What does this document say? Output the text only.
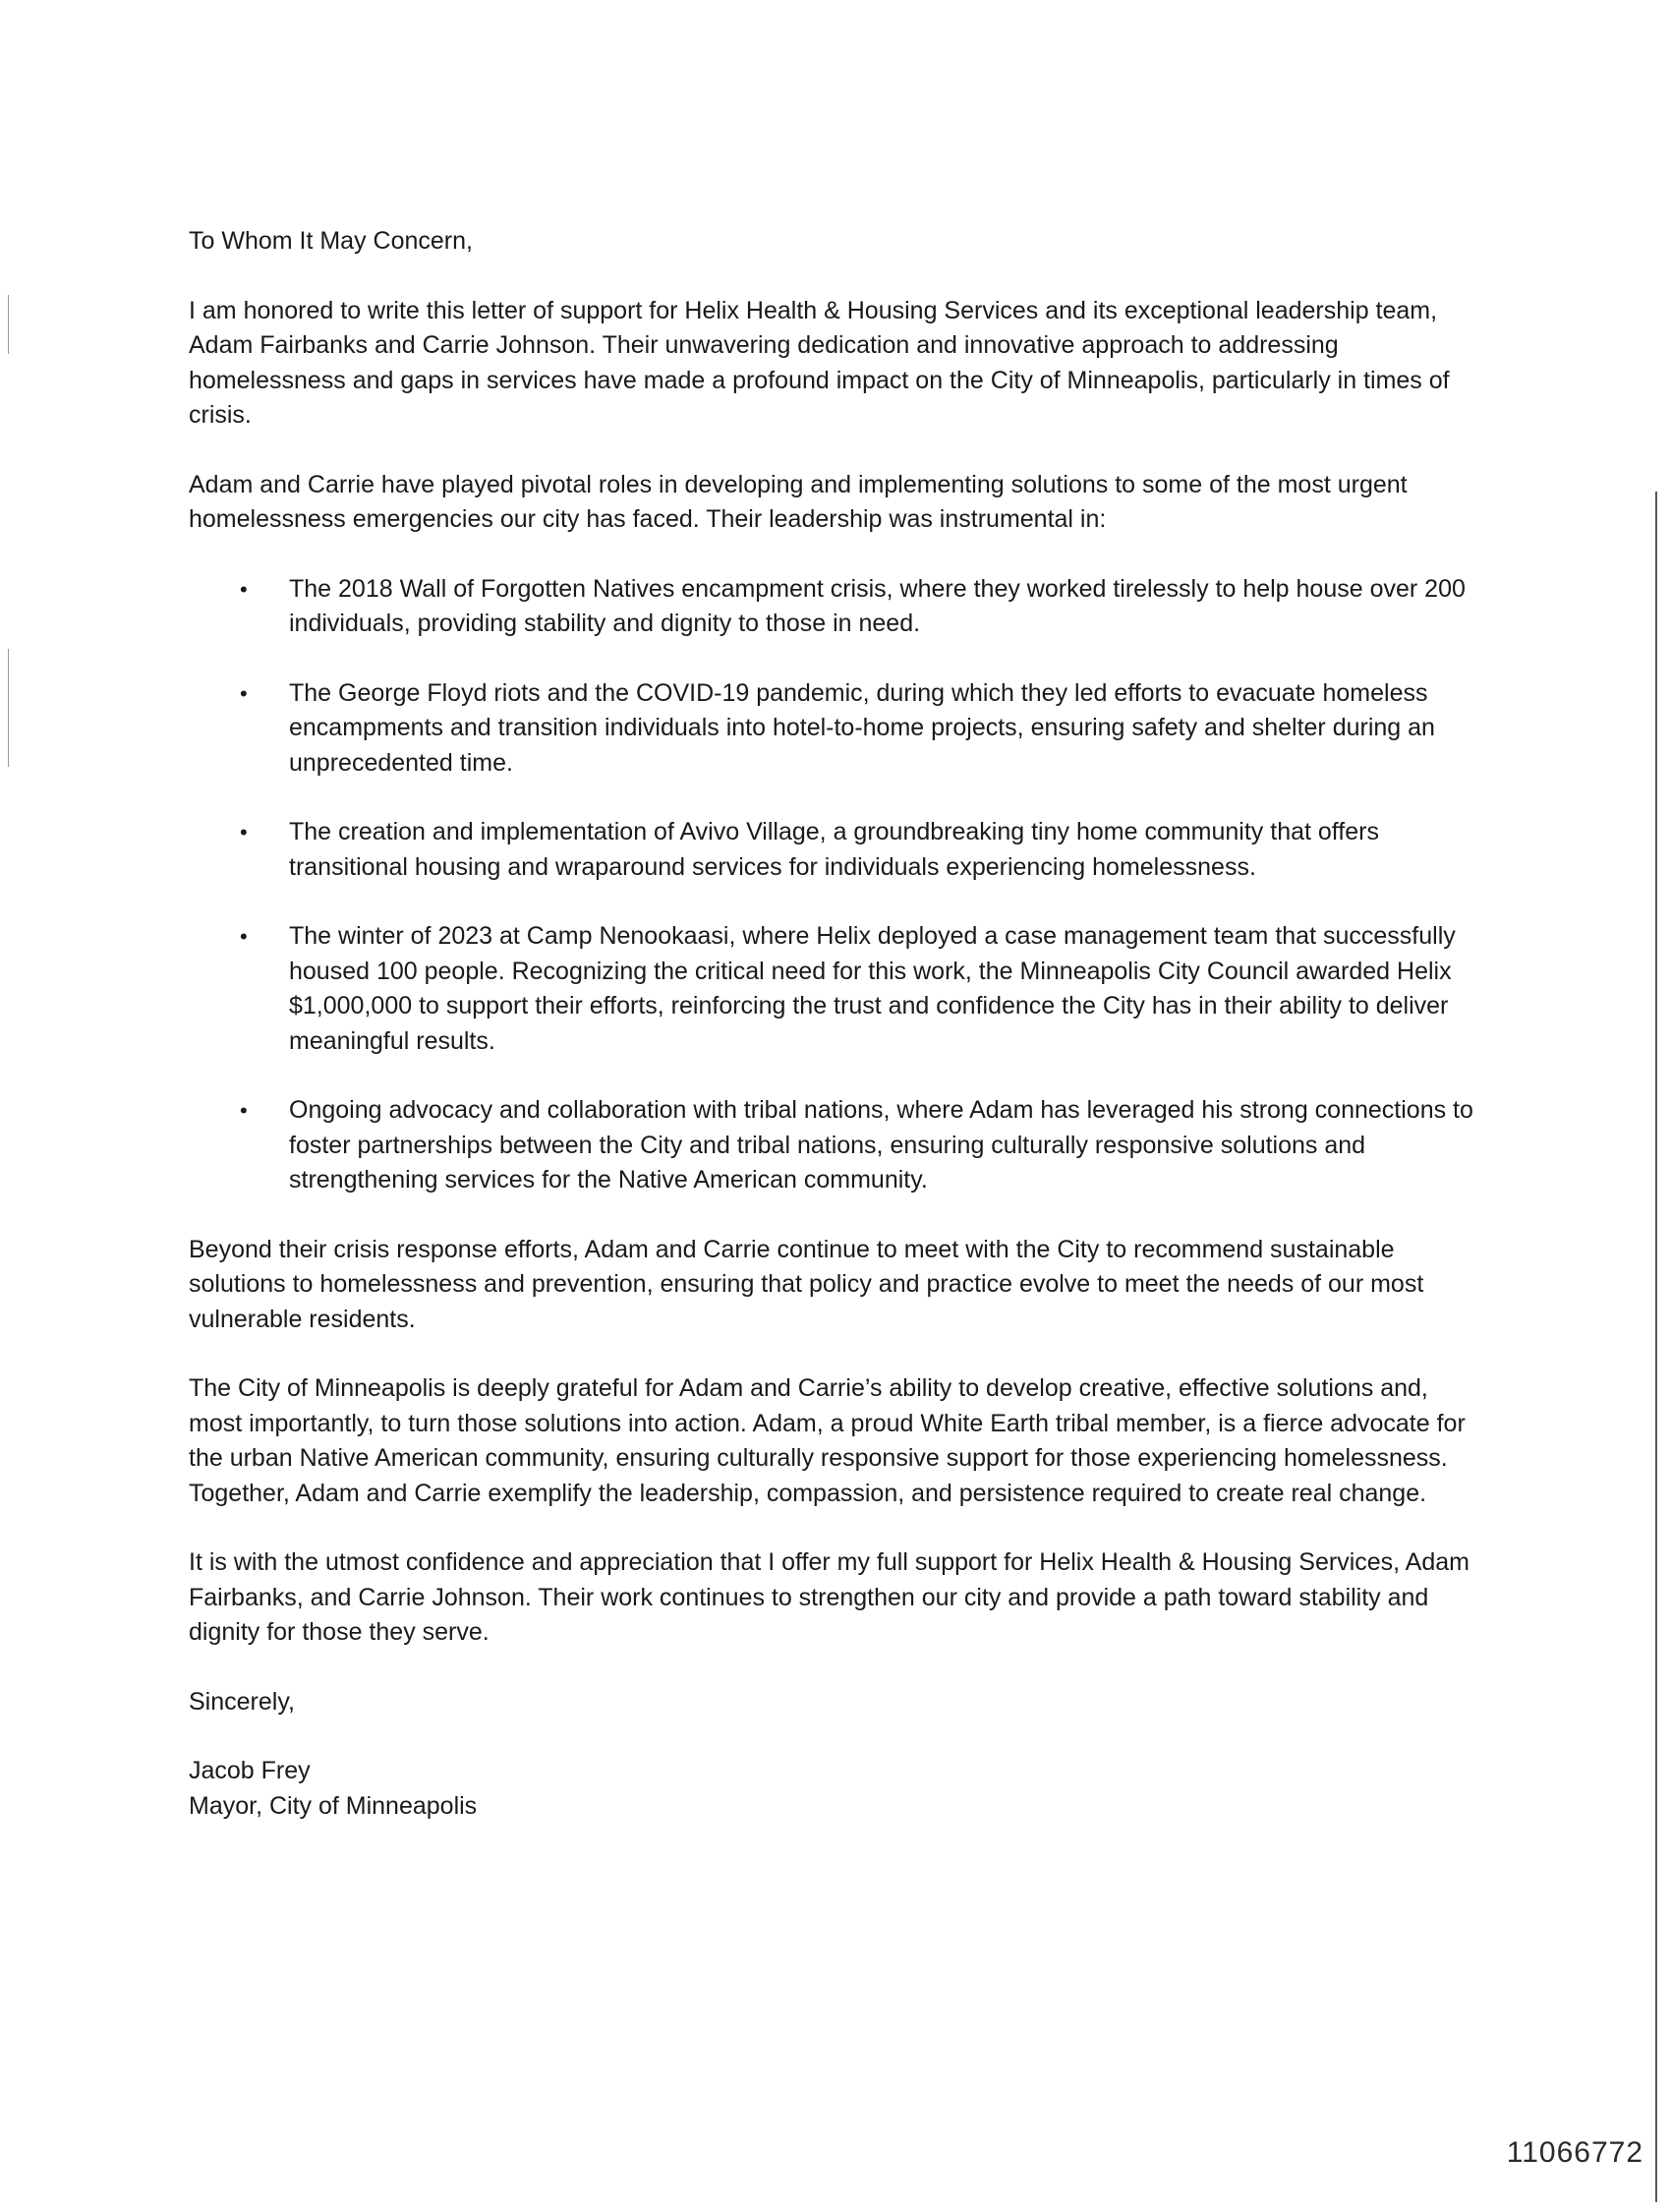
To Whom It May Concern,

I am honored to write this letter of support for Helix Health & Housing Services and its exceptional leadership team, Adam Fairbanks and Carrie Johnson. Their unwavering dedication and innovative approach to addressing homelessness and gaps in services have made a profound impact on the City of Minneapolis, particularly in times of crisis.

Adam and Carrie have played pivotal roles in developing and implementing solutions to some of the most urgent homelessness emergencies our city has faced. Their leadership was instrumental in:

• The 2018 Wall of Forgotten Natives encampment crisis, where they worked tirelessly to help house over 200 individuals, providing stability and dignity to those in need.
• The George Floyd riots and the COVID-19 pandemic, during which they led efforts to evacuate homeless encampments and transition individuals into hotel-to-home projects, ensuring safety and shelter during an unprecedented time.
• The creation and implementation of Avivo Village, a groundbreaking tiny home community that offers transitional housing and wraparound services for individuals experiencing homelessness.
• The winter of 2023 at Camp Nenookaasi, where Helix deployed a case management team that successfully housed 100 people. Recognizing the critical need for this work, the Minneapolis City Council awarded Helix $1,000,000 to support their efforts, reinforcing the trust and confidence the City has in their ability to deliver meaningful results.
• Ongoing advocacy and collaboration with tribal nations, where Adam has leveraged his strong connections to foster partnerships between the City and tribal nations, ensuring culturally responsive solutions and strengthening services for the Native American community.

Beyond their crisis response efforts, Adam and Carrie continue to meet with the City to recommend sustainable solutions to homelessness and prevention, ensuring that policy and practice evolve to meet the needs of our most vulnerable residents.

The City of Minneapolis is deeply grateful for Adam and Carrie’s ability to develop creative, effective solutions and, most importantly, to turn those solutions into action. Adam, a proud White Earth tribal member, is a fierce advocate for the urban Native American community, ensuring culturally responsive support for those experiencing homelessness. Together, Adam and Carrie exemplify the leadership, compassion, and persistence required to create real change.

It is with the utmost confidence and appreciation that I offer my full support for Helix Health & Housing Services, Adam Fairbanks, and Carrie Johnson. Their work continues to strengthen our city and provide a path toward stability and dignity for those they serve.

Sincerely,

Jacob Frey

Mayor, City of Minneapolis

11066772
